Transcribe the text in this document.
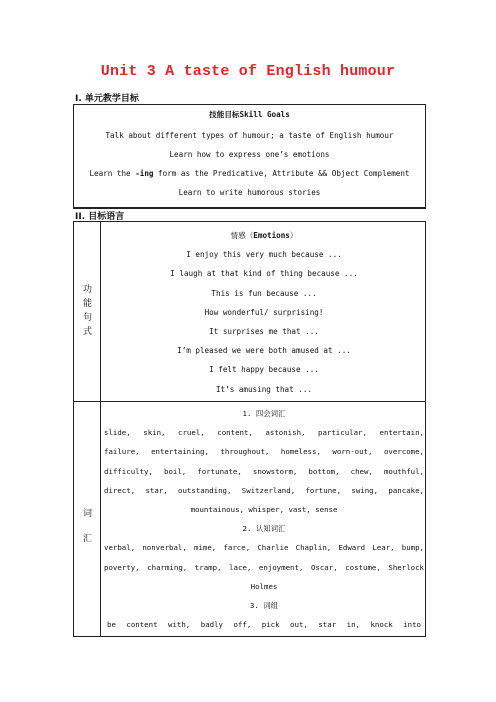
Unit 3 A taste of English humour
I. 单元教学目标
技能目标Skill Goals
Talk about different types of humour; a taste of English humour
Learn how to express one’s emotions
Learn the -ing form as the Predicative, Attribute && Object Complement
Learn to write humorous stories
II. 目标语言
功
能
句
式
词
汇
情感（Emotions）
I enjoy this very much because ...
I laugh at that kind of thing because ...
This is fun because ...
How wonderful/ surprising!
It surprises me that ...
I’m pleased we were both amused at ...
I felt happy because ...
It’s amusing that ...
1. 四会词汇
slide, skin, cruel, content, astonish, particular, entertain,
failure, entertaining, throughout, homeless, worn-out, overcome,
difficulty, boil, fortunate, snowstorm, bottom, chew, mouthful,
direct, star, outstanding, Switzerland, fortune, swing, pancake,
mountainous, whisper, vast, sense
2. 认知词汇
verbal, nonverbal, mime, farce, Charlie Chaplin, Edward Lear, bump,
poverty, charming, tramp, lace, enjoyment, Oscar, costume, Sherlock
Holmes
3. 词组
be content with, badly off, pick out, star in, knock into
